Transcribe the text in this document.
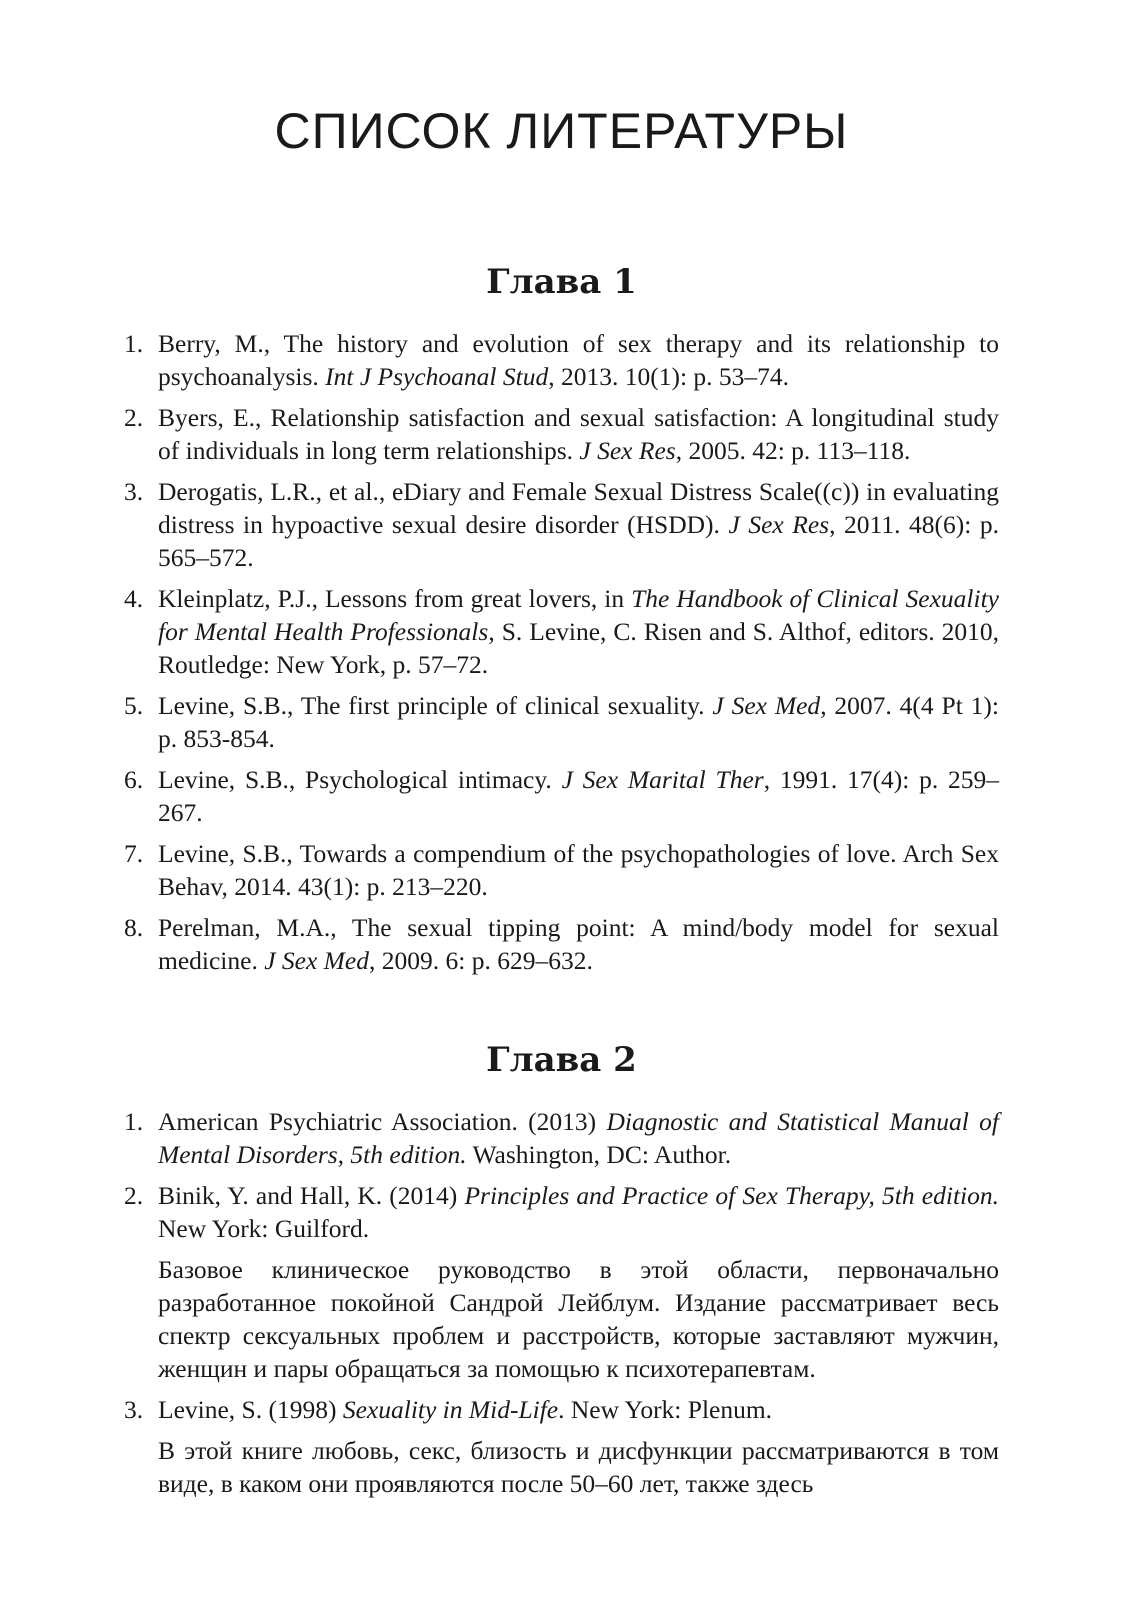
СПИСОК ЛИТЕРАТУРЫ
Глава 1
1. Berry, M., The history and evolution of sex therapy and its relationship to psychoanalysis. Int J Psychoanal Stud, 2013. 10(1): p. 53–74.
2. Byers, E., Relationship satisfaction and sexual satisfaction: A longitudinal study of individuals in long term relationships. J Sex Res, 2005. 42: p. 113–118.
3. Derogatis, L.R., et al., eDiary and Female Sexual Distress Scale((c)) in evaluating distress in hypoactive sexual desire disorder (HSDD). J Sex Res, 2011. 48(6): p. 565–572.
4. Kleinplatz, P.J., Lessons from great lovers, in The Handbook of Clinical Sexuality for Mental Health Professionals, S. Levine, C. Risen and S. Althof, editors. 2010, Routledge: New York, p. 57–72.
5. Levine, S.B., The first principle of clinical sexuality. J Sex Med, 2007. 4(4 Pt 1): p. 853-854.
6. Levine, S.B., Psychological intimacy. J Sex Marital Ther, 1991. 17(4): p. 259–267.
7. Levine, S.B., Towards a compendium of the psychopathologies of love. Arch Sex Behav, 2014. 43(1): p. 213–220.
8. Perelman, M.A., The sexual tipping point: A mind/body model for sexual medicine. J Sex Med, 2009. 6: p. 629–632.
Глава 2
1. American Psychiatric Association. (2013) Diagnostic and Statistical Manual of Mental Disorders, 5th edition. Washington, DC: Author.

2. Binik, Y. and Hall, K. (2014) Principles and Practice of Sex Therapy, 5th edition. New York: Guilford.

Базовое клиническое руководство в этой области, первоначально разработанное покойной Сандрой Лейблум. Издание рассматривает весь спектр сексуальных проблем и расстройств, которые заставляют мужчин, женщин и пары обращаться за помощью к психотерапевтам.

3. Levine, S. (1998) Sexuality in Mid-Life. New York: Plenum.

В этой книге любовь, секс, близость и дисфункции рассматриваются в том виде, в каком они проявляются после 50–60 лет, также здесь
